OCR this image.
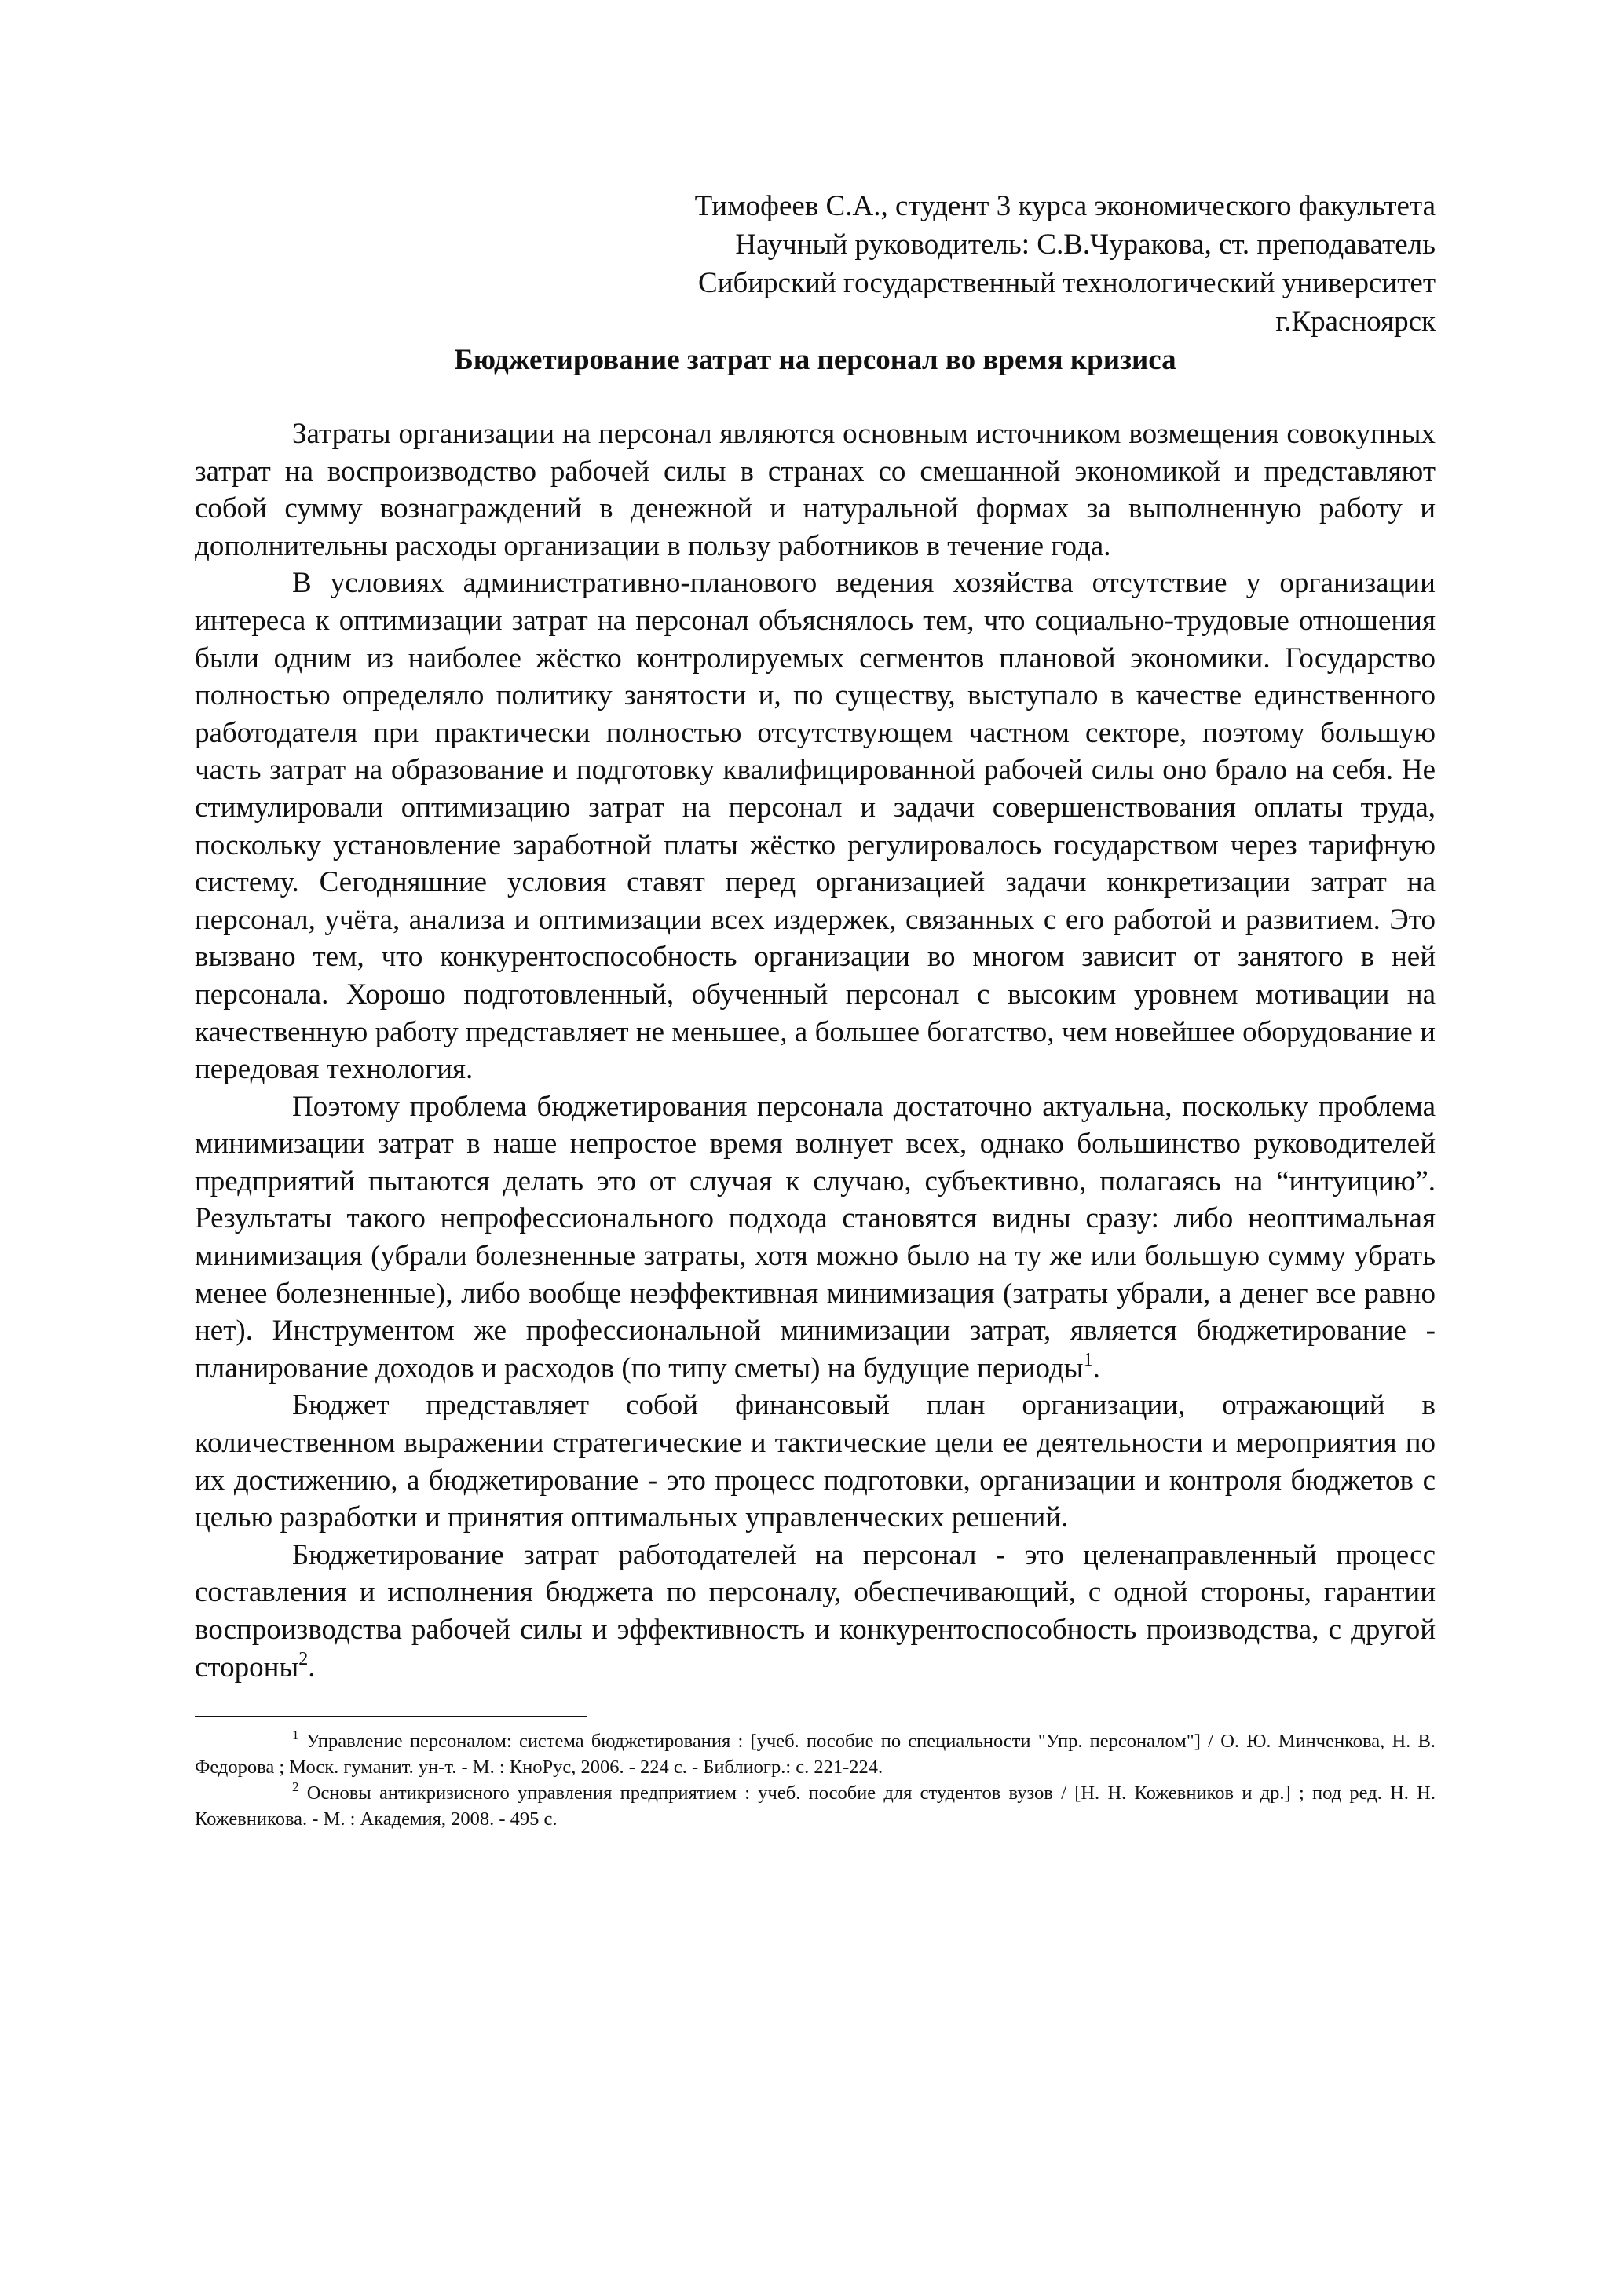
Тимофеев С.А., студент 3 курса экономического факультета
Научный руководитель: С.В.Чуракова, ст. преподаватель
Сибирский государственный технологический университет
г.Красноярск
Бюджетирование затрат на персонал во время кризиса

Затраты организации на персонал являются основным источником возмещения совокупных затрат на воспроизводство рабочей силы в странах со смешанной экономикой и представляют собой сумму вознаграждений в денежной и натуральной формах за выполненную работу и дополнительны расходы организации в пользу работников в течение года.

В условиях административно-планового ведения хозяйства отсутствие у организации интереса к оптимизации затрат на персонал объяснялось тем, что социально-трудовые отношения были одним из наиболее жёстко контролируемых сегментов плановой экономики. Государство полностью определяло политику занятости и, по существу, выступало в качестве единственного работодателя при практически полностью отсутствующем частном секторе, поэтому большую часть затрат на образование и подготовку квалифицированной рабочей силы оно брало на себя. Не стимулировали оптимизацию затрат на персонал и задачи совершенствования оплаты труда, поскольку установление заработной платы жёстко регулировалось государством через тарифную систему. Сегодняшние условия ставят перед организацией задачи конкретизации затрат на персонал, учёта, анализа и оптимизации всех издержек, связанных с его работой и развитием. Это вызвано тем, что конкурентоспособность организации во многом зависит от занятого в ней персонала. Хорошо подготовленный, обученный персонал с высоким уровнем мотивации на качественную работу представляет не меньшее, а большее богатство, чем новейшее оборудование и передовая технология.

Поэтому проблема бюджетирования персонала достаточно актуальна, поскольку проблема минимизации затрат в наше непростое время волнует всех, однако большинство руководителей предприятий пытаются делать это от случая к случаю, субъективно, полагаясь на “интуицию”. Результаты такого непрофессионального подхода становятся видны сразу: либо неоптимальная минимизация (убрали болезненные затраты, хотя можно было на ту же или большую сумму убрать менее болезненные), либо вообще неэффективная минимизация (затраты убрали, а денег все равно нет). Инструментом же профессиональной минимизации затрат, является бюджетирование - планирование доходов и расходов (по типу сметы) на будущие периоды$^1$.

Бюджет представляет собой финансовый план организации, отражающий в количественном выражении стратегические и тактические цели ее деятельности и мероприятия по их достижению, а бюджетирование - это процесс подготовки, организации и контроля бюджетов с целью разработки и принятия оптимальных управленческих решений.

Бюджетирование затрат работодателей на персонал - это целенаправленный процесс составления и исполнения бюджета по персоналу, обеспечивающий, с одной стороны, гарантии воспроизводства рабочей силы и эффективность и конкурентоспособность производства, с другой стороны$^2$.

$^1$ Управление персоналом: система бюджетирования : [учеб. пособие по специальности "Упр. персоналом"] / О. Ю. Минченкова, Н. В. Федорова ; Моск. гуманит. ун-т. - М. : КноРус, 2006. - 224 с. - Библиогр.: с. 221-224.

$^2$ Основы антикризисного управления предприятием : учеб. пособие для студентов вузов / [Н. Н. Кожевников и др.] ; под ред. Н. Н. Кожевникова. - М. : Академия, 2008. - 495 с.
